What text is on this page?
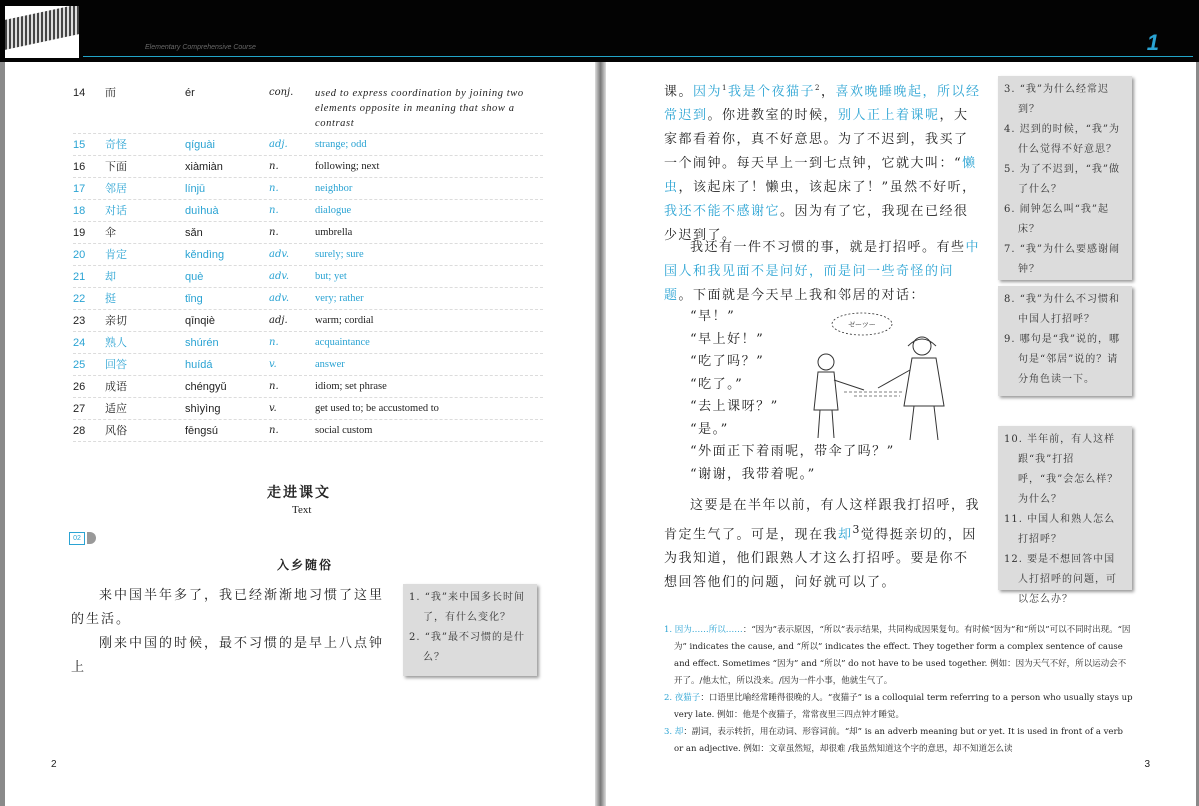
Elementary Comprehensive Course	1
14	而	ér	conj.	used to express coordination by joining two elements opposite in meaning that show a contrast
15	奇怪	qíguài	adj.	strange; odd
16	下面	xiàmiàn	n.	following; next
17	邻居	línjū	n.	neighbor
18	对话	duìhuà	n.	dialogue
19	伞	sǎn	n.	umbrella
20	肯定	kěndìng	adv.	surely; sure
21	却	què	adv.	but; yet
22	挺	tǐng	adv.	very; rather
23	亲切	qīnqiè	adj.	warm; cordial
24	熟人	shúrén	n.	acquaintance
25	回答	huídá	v.	answer
26	成语	chéngyǔ	n.	idiom; set phrase
27	适应	shìyìng	v.	get used to; be accustomed to
28	风俗	fēngsú	n.	social custom
走进课文
Text
02
入乡随俗

来中国半年多了，我已经渐渐地习惯了这里的生活。

刚来中国的时候，最不习惯的是早上八点钟上

1. “我”来中国多长时间了，有什么变化？
2. “我”最不习惯的是什么？
2
课。因为$^1$我是个夜猫子$^2$，喜欢晚睡晚起，所以经常迟到。你进教室的时候，别人正上着课呢，大家都看着你，真不好意思。为了不迟到，我买了一个闹钟。每天早上一到七点钟，它就大叫：“懒虫，该起床了！懒虫，该起床了！”虽然不好听，我还不能不感谢它。因为有了它，我现在已经很少迟到了。
我还有一件不习惯的事，就是打招呼。有些中国人和我见面不是问好，而是问一些奇怪的问题。下面就是今天早上我和邻居的对话：
“早！”
“早上好！”
“吃了吗？”
“吃了。”
“去上课呀？”
“是。”
“外面正下着雨呢，带伞了吗？”
“谢谢，我带着呢。”
ゼーツー
这要是在半年以前，有人这样跟我打招呼，我肯定生气了。可是，现在我却$^3$觉得挺亲切的，因为我知道，他们跟熟人才这么打招呼。要是你不想回答他们的问题，问好就可以了。
3. “我”为什么经常迟到？
4. 迟到的时候，“我”为什么觉得不好意思？
5. 为了不迟到，“我”做了什么？
6. 闹钟怎么叫“我”起床？
7. “我”为什么要感谢闹钟？
8. “我”为什么不习惯和中国人打招呼？
9. 哪句是“我”说的，哪句是“邻居”说的？请分角色读一下。
10. 半年前，有人这样跟“我”打招呼，“我”会怎么样？为什么？
11. 中国人和熟人怎么打招呼？
12. 要是不想回答中国人打招呼的问题，可以怎么办？
1. 因为……所以……：“因为”表示原因，“所以”表示结果，共同构成因果复句。有时候“因为”和“所以”可以不同时出现。“因为” indicates the cause, and “所以” indicates the effect. They together form a complex sentence of cause and effect. Sometimes “因为” and “所以” do not have to be used together. 例如：因为天气不好，所以运动会不开了。/他太忙，所以没来。/因为一件小事，他就生气了。
2. 夜猫子：口语里比喻经常睡得很晚的人。“夜猫子” is a colloquial term referring to a person who usually stays up very late. 例如：他是个夜猫子，常常夜里三四点钟才睡觉。
3. 却：副词，表示转折，用在动词、形容词前。“却” is an adverb meaning but or yet. It is used in front of a verb or an adjective. 例如：文章虽然短，却很难 /我虽然知道这个字的意思，却不知道怎么读
3
